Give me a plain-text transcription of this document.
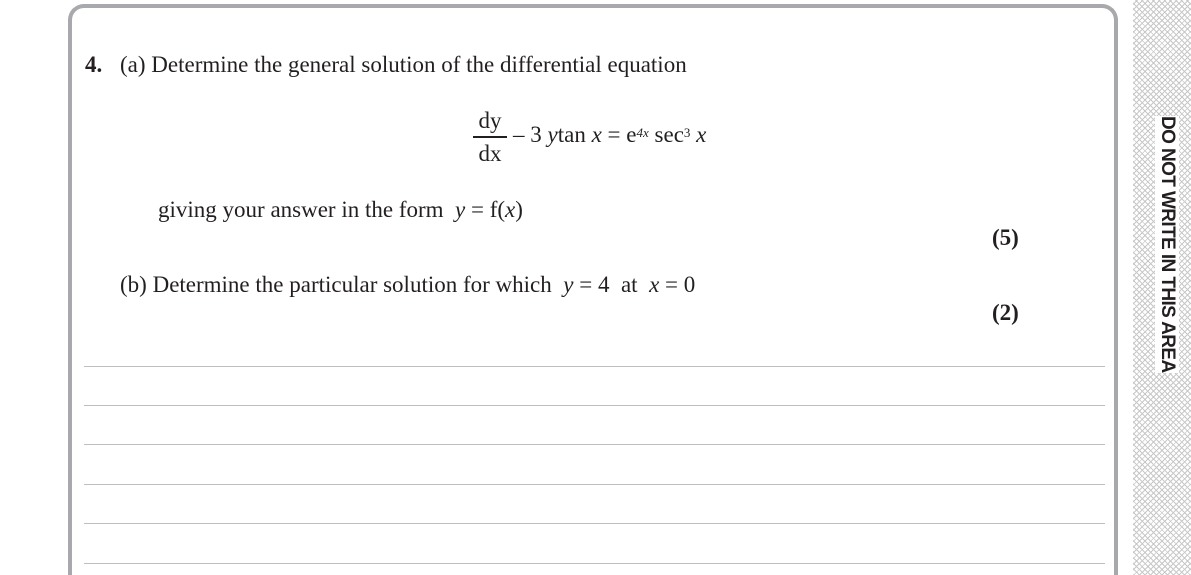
DO NOT WRITE IN THIS AREA
4. (a) Determine the general solution of the differential equation
dy
dx
– 3 ytan $x = e^{4x}$ $\sec^3 x$
giving your answer in the form y = f(x)
(5)
(b) Determine the particular solution for which y = 4 at x = 0
(2)
